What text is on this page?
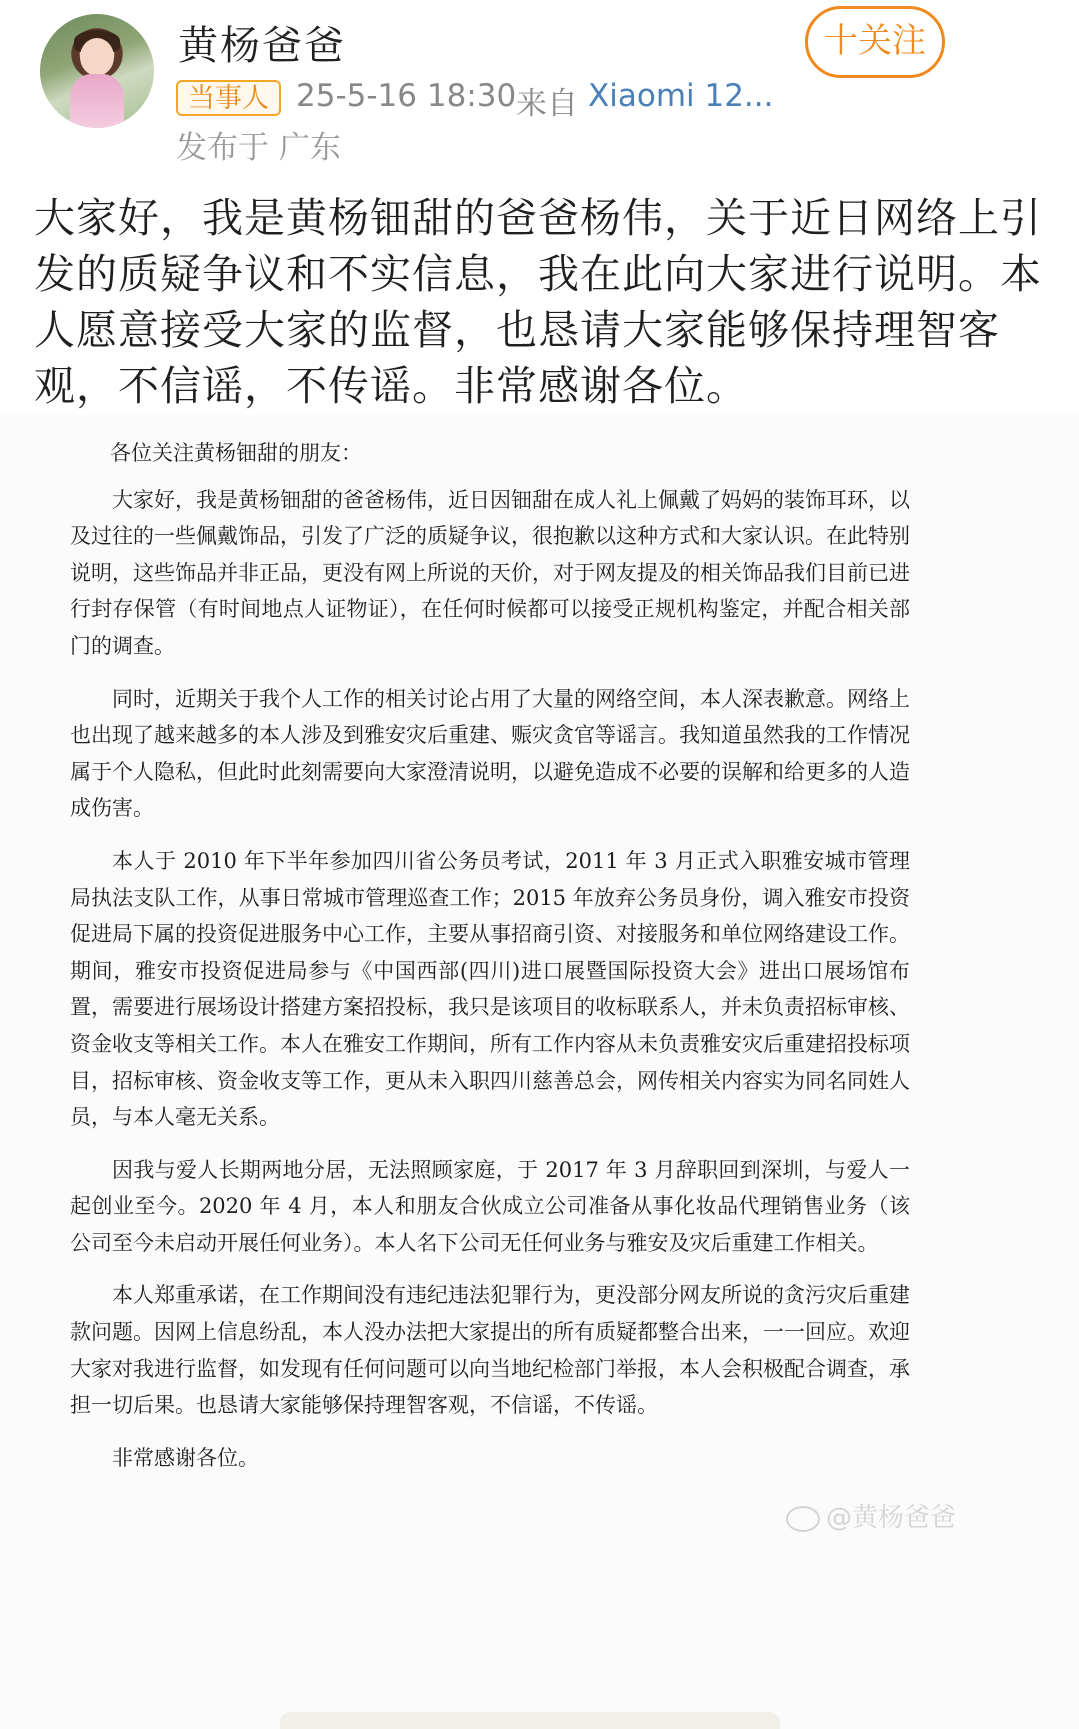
黄杨爸爸
当事人 25-5-16 18:30 来自 Xiaomi 12...
发布于 广东
十关注
大家好，我是黄杨钿甜的爸爸杨伟，关于近日网络上引发的质疑争议和不实信息，我在此向大家进行说明。本人愿意接受大家的监督，也恳请大家能够保持理智客观，不信谣，不传谣。非常感谢各位。

各位关注黄杨钿甜的朋友：

大家好，我是黄杨钿甜的爸爸杨伟，近日因钿甜在成人礼上佩戴了妈妈的装饰耳环，以及过往的一些佩戴饰品，引发了广泛的质疑争议，很抱歉以这种方式和大家认识。在此特别说明，这些饰品并非正品，更没有网上所说的天价，对于网友提及的相关饰品我们目前已进行封存保管（有时间地点人证物证），在任何时候都可以接受正规机构鉴定，并配合相关部门的调查。

同时，近期关于我个人工作的相关讨论占用了大量的网络空间，本人深表歉意。网络上也出现了越来越多的本人涉及到雅安灾后重建、赈灾贪官等谣言。我知道虽然我的工作情况属于个人隐私，但此时此刻需要向大家澄清说明，以避免造成不必要的误解和给更多的人造成伤害。

本人于 2010 年下半年参加四川省公务员考试，2011 年 3 月正式入职雅安城市管理局执法支队工作，从事日常城市管理巡查工作；2015 年放弃公务员身份，调入雅安市投资促进局下属的投资促进服务中心工作，主要从事招商引资、对接服务和单位网络建设工作。期间，雅安市投资促进局参与《中国西部(四川)进口展暨国际投资大会》进出口展场馆布置，需要进行展场设计搭建方案招投标，我只是该项目的收标联系人，并未负责招标审核、资金收支等相关工作。本人在雅安工作期间，所有工作内容从未负责雅安灾后重建招投标项目，招标审核、资金收支等工作，更从未入职四川慈善总会，网传相关内容实为同名同姓人员，与本人毫无关系。

因我与爱人长期两地分居，无法照顾家庭，于 2017 年 3 月辞职回到深圳，与爱人一起创业至今。2020 年 4 月，本人和朋友合伙成立公司准备从事化妆品代理销售业务（该公司至今未启动开展任何业务）。本人名下公司无任何业务与雅安及灾后重建工作相关。

本人郑重承诺，在工作期间没有违纪违法犯罪行为，更没部分网友所说的贪污灾后重建款问题。因网上信息纷乱，本人没办法把大家提出的所有质疑都整合出来，一一回应。欢迎大家对我进行监督，如发现有任何问题可以向当地纪检部门举报，本人会积极配合调查，承担一切后果。也恳请大家能够保持理智客观，不信谣，不传谣。

非常感谢各位。

@黄杨爸爸
